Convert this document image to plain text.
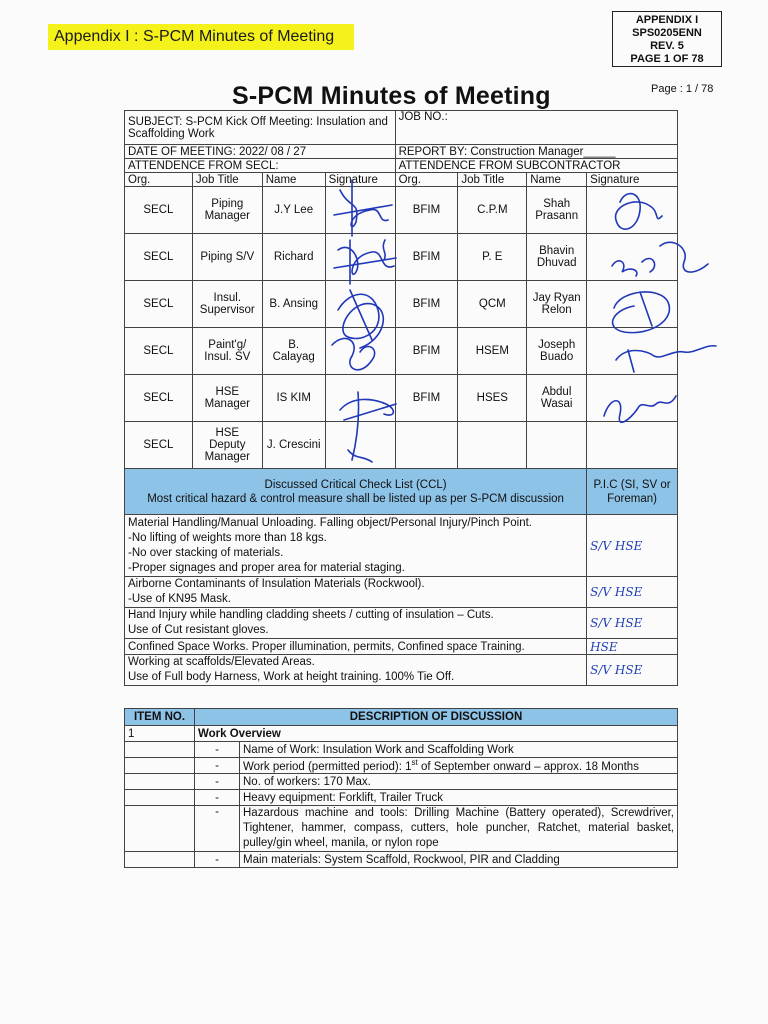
Appendix I : S-PCM Minutes of Meeting
APPENDIX I
SPS0205ENN
REV. 5
PAGE 1 OF 78
Page : 1 / 78
S-PCM Minutes of Meeting
SUBJECT: S-PCM Kick Off Meeting: Insulation and Scaffolding Work				JOB NO.:			
DATE OF MEETING: 2022/ 08 / 27				REPORT BY: Construction Manager_____			
ATTENDENCE FROM SECL:				ATTENDENCE FROM SUBCONTRACTOR			
Org.	Job Title	Name	Signature	Org.	Job Title	Name	Signature
SECL	Piping Manager	J.Y Lee		BFIM	C.P.M	Shah Prasann	
SECL	Piping S/V	Richard		BFIM	P. E	Bhavin Dhuvad	
SECL	Insul. Supervisor	B. Ansing		BFIM	QCM	Jay Ryan Relon	
SECL	Paint'g/ Insul. SV	B. Calayag		BFIM	HSEM	Joseph Buado	
SECL	HSE Manager	IS KIM		BFIM	HSES	Abdul Wasai	
SECL	HSE Deputy Manager	J. Crescini					

Discussed Critical Check List (CCL)
Most critical hazard & control measure shall be listed up as per S-PCM discussion							P.I.C (SI, SV or Foreman)

Material Handling/Manual Unloading. Falling object/Personal Injury/Pinch Point.
-No lifting of weights more than 18 kgs.
-No over stacking of materials.
-Proper signages and proper area for material staging.							S/V HSE

Airborne Contaminants of Insulation Materials (Rockwool).
-Use of KN95 Mask.							S/V HSE

Hand Injury while handling cladding sheets / cutting of insulation – Cuts.
Use of Cut resistant gloves.							S/V HSE

Confined Space Works. Proper illumination, permits, Confined space Training.							HSE

Working at scaffolds/Elevated Areas.
Use of Full body Harness, Work at height training. 100% Tie Off.							S/V HSE
ITEM NO.	DESCRIPTION OF DISCUSSION	
1	Work Overview	
	-	Name of Work: Insulation Work and Scaffolding Work
	-	Work period (permitted period): 1st of September onward – approx. 18 Months
	-	No. of workers: 170 Max.
	-	Heavy equipment: Forklift, Trailer Truck
	-	Hazardous machine and tools: Drilling Machine (Battery operated), Screwdriver, Tightener, hammer, compass, cutters, hole puncher, Ratchet, material basket, pulley/gin wheel, manila, or nylon rope
	-	Main materials: System Scaffold, Rockwool, PIR and Cladding
